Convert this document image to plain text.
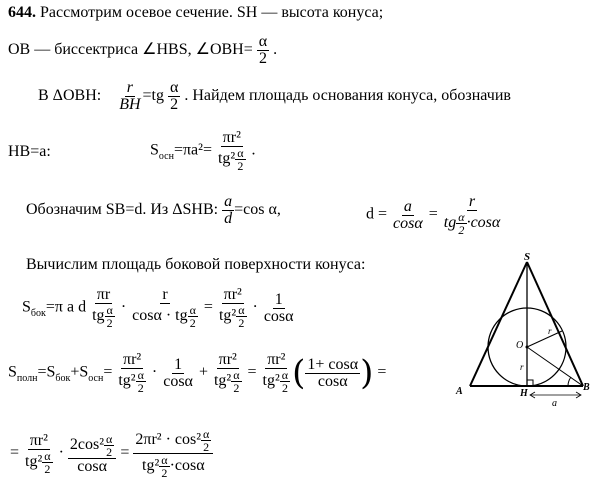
644. Рассмотрим осевое сечение. SH — высота конуса;
OB — биссектриса ∠HBS, ∠OBH= $\frac{\alpha}{2}$ .
В ΔOBH: $\frac{r}{BH} =tg \frac{\alpha}{2}$ . Найдем площадь основания конуса, обозначив
HB=a:	$S_{осн}=\pi a^2= \frac{\text{πr²}}{tg^2 \frac{\alpha}{2}}$ .
Обозначим SB=d. Из ΔSHB: $\frac{a}{d} =\cos$ α,	$d = \frac{a}{\cos\alpha} = \frac{r}{tg \frac{\alpha}{2} \cdot\cos\alpha}$
Вычислим площадь боковой поверхности конуса:
$S_{бок}=\pi$ a d $\frac{\pi r}{tg \frac{\alpha}{2}} \cdot \frac{r}{\cos\alpha \cdot tg \frac{\alpha}{2}} = \frac{\text{πr²}}{tg^2 \frac{\alpha}{2}} \cdot \frac{1}{\cos\alpha}$
$S_{полн}=S_{бок}+S_{осн}= \frac{\text{πr²}}{tg^2 \frac{\alpha}{2}} \cdot \frac{1}{\cos\alpha} + \frac{\text{πr²}}{tg^2 \frac{\alpha}{2}} = \frac{\text{πr²}}{tg^2 \frac{\alpha}{2}}$ ( $\frac{1+ \cos\alpha}{\cos\alpha}$ ) =
= $\frac{\text{πr²}}{tg^2 \frac{\alpha}{2}} \cdot \frac{2\cos^2 \frac{\alpha}{2}}{\cos\alpha} = \frac{2\pi r^2 \cdot \cos^2 \frac{\alpha}{2}}{tg^2 \frac{\alpha}{2} \cdot\cos\alpha}$
S
O
r
r
A	H
B
a
